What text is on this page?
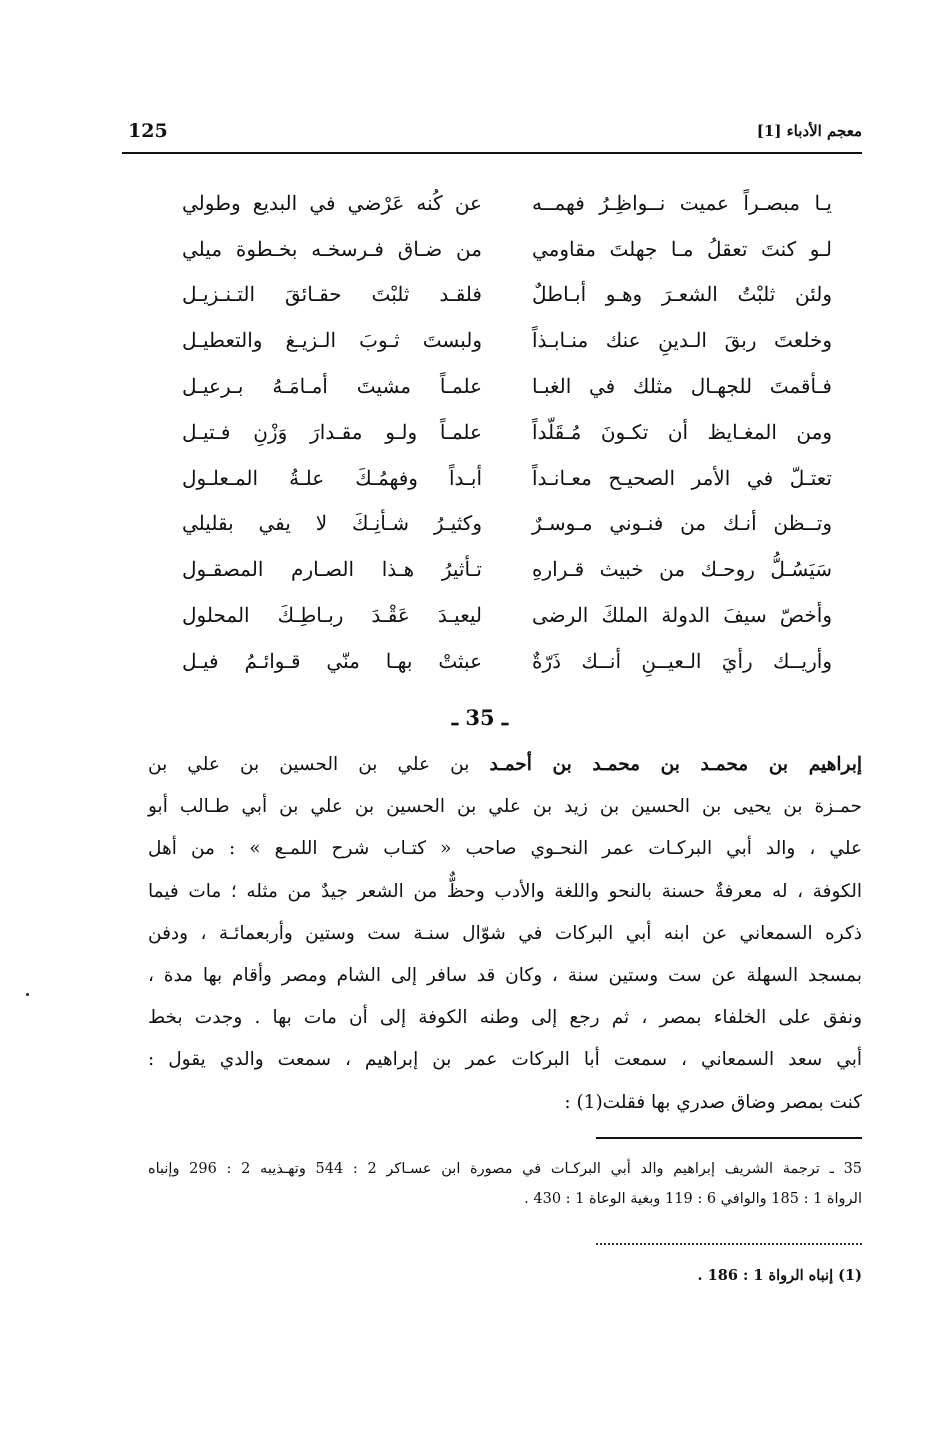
125	معجم الأدباء [1]
يـا مبصـراً عميت نــواظِـرُ فهمــه
عن كُنه عَرْضي في البديع وطولي
لـو كنتَ تعقلُ مـا جهلتَ مقاومي
من ضـاق فـرسخـه بخـطوة ميلي
ولئن ثلبْتُ الشعـرَ وهـو أبـاطلٌ
فلقـد ثلبْتَ حقـائقَ التـنـزيـل
وخلعتَ ربقَ الـدينِ عنك منـابـذاً
ولبستَ ثـوبَ الـزيـغ والتعطيـل
فـأقمتَ للجهـال مثلك في الغبـا
علمـاً مشيتَ أمـامَـهُ بـرعيـل
ومن المغـايظ أن تكـونَ مُـقَلّداً
علمـاً ولـو مقـدارَ وَزْنِ فـتيـل
تعتـلّ في الأمر الصحيـح معـانـداً
أبـداً وفهمُـكَ علـةُ المـعلـول
وتــظن أنـك من فنـوني مـوسـرٌ
وكثيـرُ شـأنِـكَ لا يفي بقليلي
سَيَسُـلُّ روحـك من خبيث قـرارهِ
تـأثيرُ هـذا الصـارم المصقـول
وأخصّ سيفَ الدولة الملكَ الرضى
ليعيـدَ عَقْـدَ ربـاطِـكَ المحلول
وأريــك رأيَ الـعيــنِ أنــك ذَرّةٌ
عبثتْ بهـا منّي قـوائـمُ فيـل
ـ 35 ـ
إبراهيم بن محمـد بن محمـد بن أحمـد بن علي بن الحسين بن علي بن
حمـزة بن يحيى بن الحسين بن زيد بن علي بن الحسين بن علي بن أبي طـالب أبو
علي ، والد أبي البركـات عمر النحـوي صاحب « كتـاب شرح اللمـع » : من أهل
الكوفة ، له معرفةٌ حسنة بالنحو واللغة والأدب وحظٌّ من الشعر جيدٌ من مثله ؛ مات فيما
ذكره السمعاني عن ابنه أبي البركات في شوّال سنـة ست وستين وأربعمائـة ، ودفن
بمسجد السهلة عن ست وستين سنة ، وكان قد سافر إلى الشام ومصر وأقام بها مدة ،
ونفق على الخلفاء بمصر ، ثم رجع إلى وطنه الكوفة إلى أن مات بها . وجدت بخط
أبي سعد السمعاني ، سمعت أبا البركات عمر بن إبراهيم ، سمعت والدي يقول :
كنت بمصر وضاق صدري بها فقلت(1) :
35 ـ ترجمة الشريف إبراهيم والد أبي البركـات في مصورة ابن عسـاكر 2 : 544 وتهـذيبه 2 : 296 وإنباه
الرواة 1 : 185 والوافي 6 : 119 وبغية الوعاة 1 : 430 .
(1) إنباه الرواة 1 : 186 .
